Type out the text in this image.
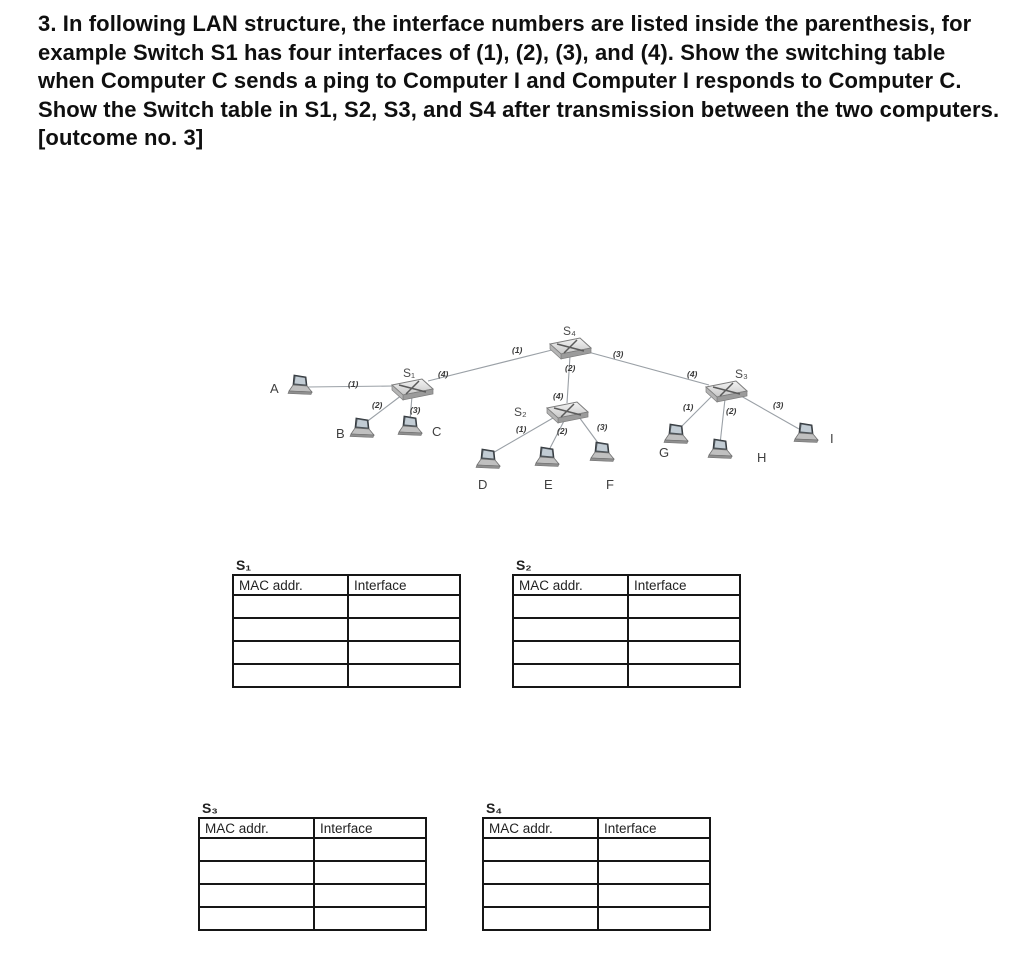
3. In following LAN structure, the interface numbers are listed inside the parenthesis, for example Switch S1 has four interfaces of (1), (2), (3), and (4). Show the switching table when Computer C sends a ping to Computer I and Computer I responds to Computer C. Show the Switch table in S1, S2, S3, and S4 after transmission between the two computers. [outcome no. 3]

S₄
S₁
S₂
S₃
(1)
(2)
(3)
(1)
(2)	(3)
(4)
(1)	(2)	(3)
(4)
(1)	(2)
(3)
(4)
A
B	C
D	E	F
G	H
I
S₁
MAC addr.	Interface

S₂
MAC addr.	Interface

S₃
MAC addr.	Interface

S₄
MAC addr.	Interface
